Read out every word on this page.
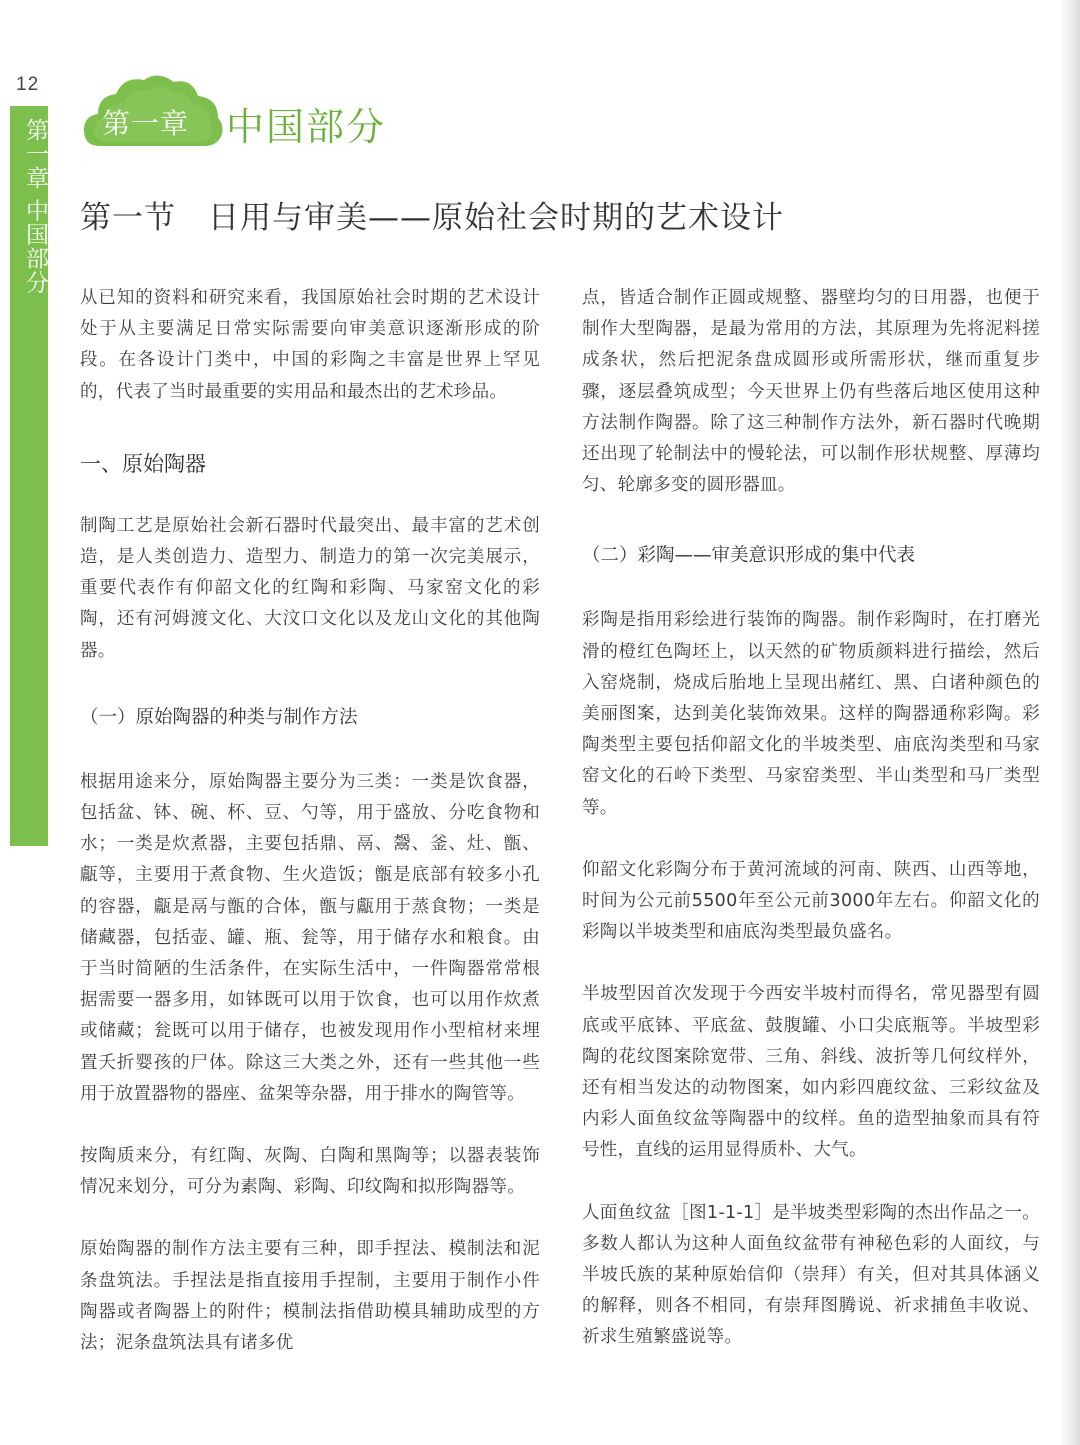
12
第一章 中国部分 第一章 中国部分
第一节　日用与审美——原始社会时期的艺术设计

从已知的资料和研究来看，我国原始社会时期的艺术设计处于从主要满足日常实际需要向审美意识逐渐形成的阶段。在各设计门类中，中国的彩陶之丰富是世界上罕见的，代表了当时最重要的实用品和最杰出的艺术珍品。

一、原始陶器

制陶工艺是原始社会新石器时代最突出、最丰富的艺术创造，是人类创造力、造型力、制造力的第一次完美展示，重要代表作有仰韶文化的红陶和彩陶、马家窑文化的彩陶，还有河姆渡文化、大汶口文化以及龙山文化的其他陶器。

（一）原始陶器的种类与制作方法

根据用途来分，原始陶器主要分为三类：一类是饮食器，包括盆、钵、碗、杯、豆、勺等，用于盛放、分吃食物和水；一类是炊煮器，主要包括鼎、鬲、鬶、釜、灶、甑、甗等，主要用于煮食物、生火造饭；甑是底部有较多小孔的容器，甗是鬲与甑的合体，甑与甗用于蒸食物；一类是储藏器，包括壶、罐、瓶、瓮等，用于储存水和粮食。由于当时简陋的生活条件，在实际生活中，一件陶器常常根据需要一器多用，如钵既可以用于饮食，也可以用作炊煮或储藏；瓮既可以用于储存，也被发现用作小型棺材来埋置夭折婴孩的尸体。除这三大类之外，还有一些其他一些用于放置器物的器座、盆架等杂器，用于排水的陶管等。

按陶质来分，有红陶、灰陶、白陶和黑陶等；以器表装饰情况来划分，可分为素陶、彩陶、印纹陶和拟形陶器等。

原始陶器的制作方法主要有三种，即手捏法、模制法和泥条盘筑法。手捏法是指直接用手捏制，主要用于制作小件陶器或者陶器上的附件；模制法指借助模具辅助成型的方法；泥条盘筑法具有诸多优

点，皆适合制作正圆或规整、器壁均匀的日用器，也便于制作大型陶器，是最为常用的方法，其原理为先将泥料搓成条状，然后把泥条盘成圆形或所需形状，继而重复步骤，逐层叠筑成型；今天世界上仍有些落后地区使用这种方法制作陶器。除了这三种制作方法外，新石器时代晚期还出现了轮制法中的慢轮法，可以制作形状规整、厚薄均匀、轮廓多变的圆形器皿。

（二）彩陶——审美意识形成的集中代表

彩陶是指用彩绘进行装饰的陶器。制作彩陶时，在打磨光滑的橙红色陶坯上，以天然的矿物质颜料进行描绘，然后入窑烧制，烧成后胎地上呈现出赭红、黑、白诸种颜色的美丽图案，达到美化装饰效果。这样的陶器通称彩陶。彩陶类型主要包括仰韶文化的半坡类型、庙底沟类型和马家窑文化的石岭下类型、马家窑类型、半山类型和马厂类型等。

仰韶文化彩陶分布于黄河流域的河南、陕西、山西等地，时间为公元前5500年至公元前3000年左右。仰韶文化的彩陶以半坡类型和庙底沟类型最负盛名。

半坡型因首次发现于今西安半坡村而得名，常见器型有圆底或平底钵、平底盆、鼓腹罐、小口尖底瓶等。半坡型彩陶的花纹图案除宽带、三角、斜线、波折等几何纹样外，还有相当发达的动物图案，如内彩四鹿纹盆、三彩纹盆及内彩人面鱼纹盆等陶器中的纹样。鱼的造型抽象而具有符号性，直线的运用显得质朴、大气。

人面鱼纹盆［图1-1-1］是半坡类型彩陶的杰出作品之一。多数人都认为这种人面鱼纹盆带有神秘色彩的人面纹，与半坡氏族的某种原始信仰（崇拜）有关，但对其具体涵义的解释，则各不相同，有崇拜图腾说、祈求捕鱼丰收说、祈求生殖繁盛说等。
